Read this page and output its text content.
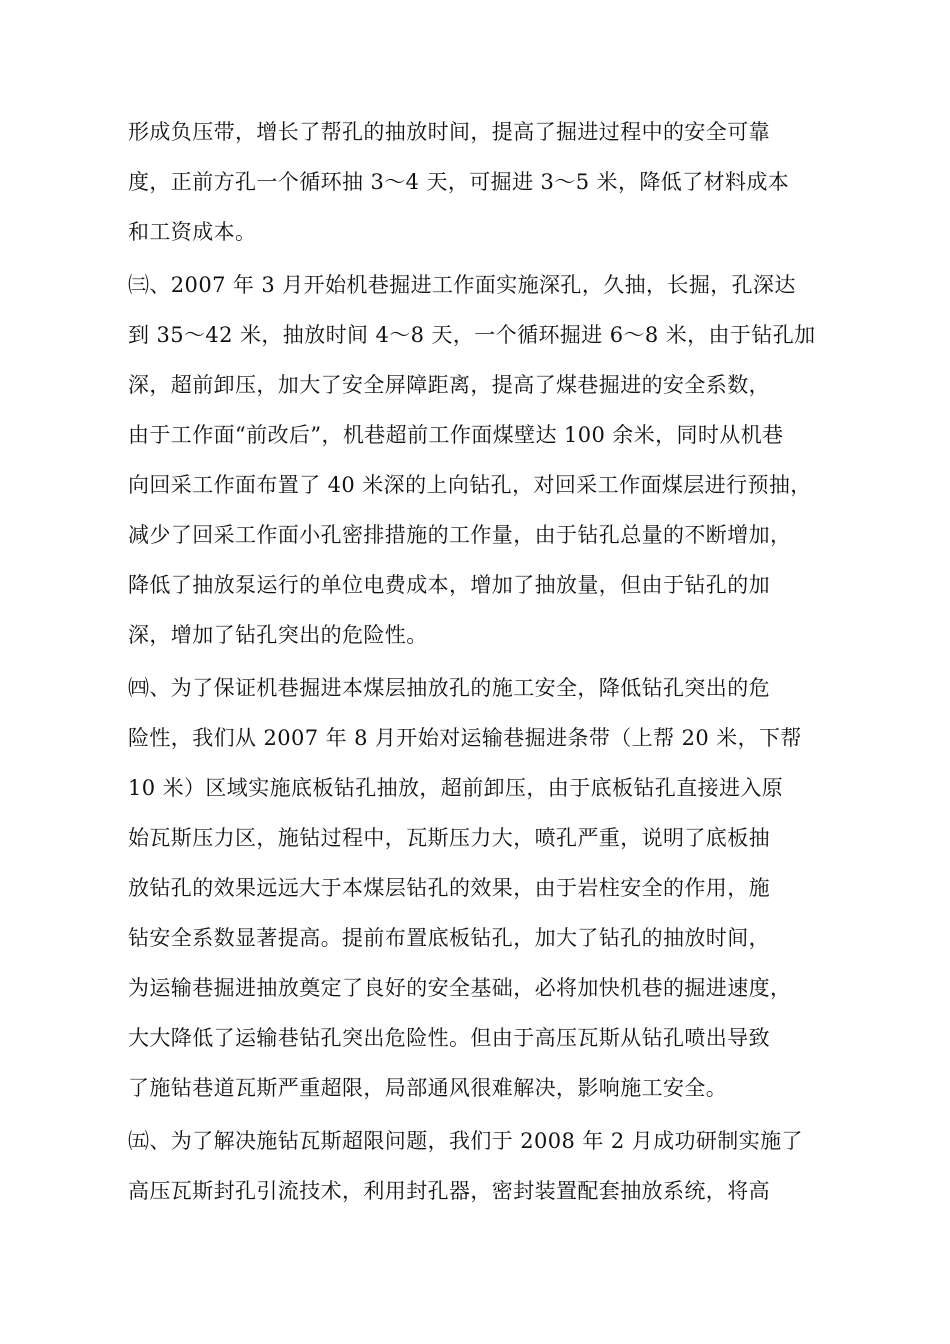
形成负压带，增长了帮孔的抽放时间，提高了掘进过程中的安全可靠
度，正前方孔一个循环抽 3～4 天，可掘进 3～5 米，降低了材料成本
和工资成本。
㈢、2007 年 3 月开始机巷掘进工作面实施深孔，久抽，长掘，孔深达
到 35～42 米，抽放时间 4～8 天，一个循环掘进 6～8 米，由于钻孔加
深，超前卸压，加大了安全屏障距离，提高了煤巷掘进的安全系数，
由于工作面“前改后”，机巷超前工作面煤壁达 100 余米，同时从机巷
向回采工作面布置了 40 米深的上向钻孔，对回采工作面煤层进行预抽，
减少了回采工作面小孔密排措施的工作量，由于钻孔总量的不断增加，
降低了抽放泵运行的单位电费成本，增加了抽放量，但由于钻孔的加
深，增加了钻孔突出的危险性。
㈣、为了保证机巷掘进本煤层抽放孔的施工安全，降低钻孔突出的危
险性，我们从 2007 年 8 月开始对运输巷掘进条带（上帮 20 米，下帮
10 米）区域实施底板钻孔抽放，超前卸压，由于底板钻孔直接进入原
始瓦斯压力区，施钻过程中，瓦斯压力大，喷孔严重，说明了底板抽
放钻孔的效果远远大于本煤层钻孔的效果，由于岩柱安全的作用，施
钻安全系数显著提高。提前布置底板钻孔，加大了钻孔的抽放时间，
为运输巷掘进抽放奠定了良好的安全基础，必将加快机巷的掘进速度，
大大降低了运输巷钻孔突出危险性。但由于高压瓦斯从钻孔喷出导致
了施钻巷道瓦斯严重超限，局部通风很难解决，影响施工安全。
㈤、为了解决施钻瓦斯超限问题，我们于 2008 年 2 月成功研制实施了
高压瓦斯封孔引流技术，利用封孔器，密封装置配套抽放系统，将高
